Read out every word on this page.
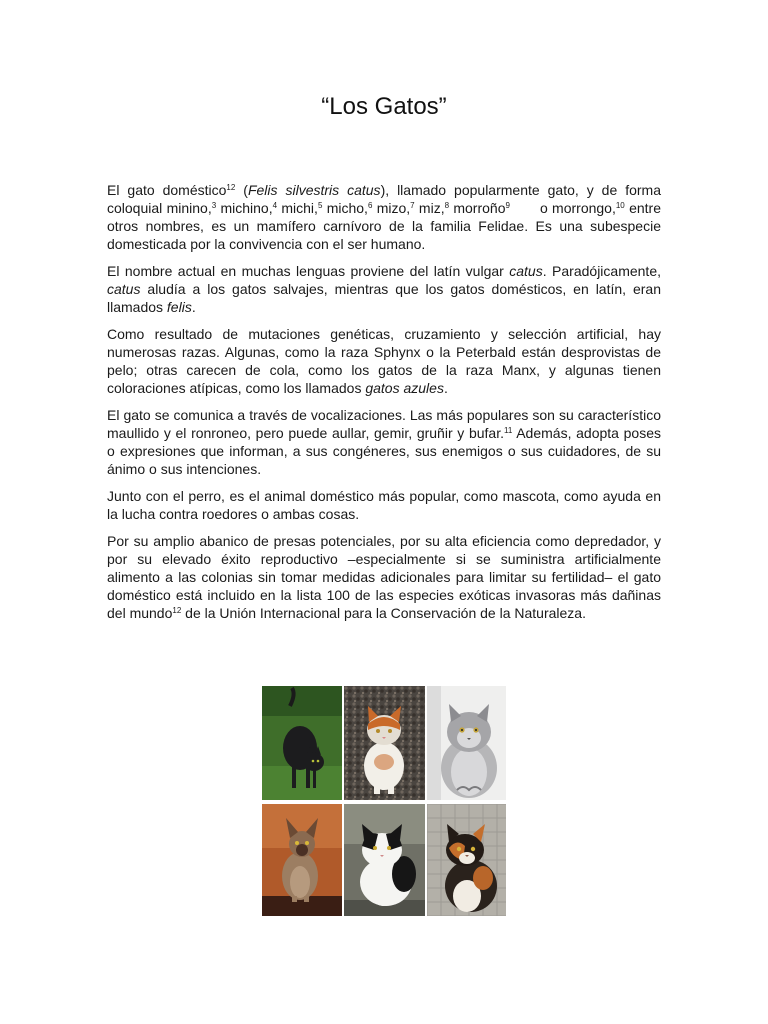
“Los Gatos”

El gato doméstico$^{12}$ (Felis silvestris catus), llamado popularmente gato, y de forma coloquial minino,$^3$ michino,$^4$ michi,$^5$ micho,$^6$ mizo,$^7$ miz,$^8$ morroño$^9$ o morrongo,$^{10}$ entre otros nombres, es un mamífero carnívoro de la familia Felidae. Es una subespecie domesticada por la convivencia con el ser humano.

El nombre actual en muchas lenguas proviene del latín vulgar catus. Paradójicamente, catus aludía a los gatos salvajes, mientras que los gatos domésticos, en latín, eran llamados felis.

Como resultado de mutaciones genéticas, cruzamiento y selección artificial, hay numerosas razas. Algunas, como la raza Sphynx o la Peterbald están desprovistas de pelo; otras carecen de cola, como los gatos de la raza Manx, y algunas tienen coloraciones atípicas, como los llamados gatos azules.

El gato se comunica a través de vocalizaciones. Las más populares son su característico maullido y el ronroneo, pero puede aullar, gemir, gruñir y bufar.$^{11}$ Además, adopta poses o expresiones que informan, a sus congéneres, sus enemigos o sus cuidadores, de su ánimo o sus intenciones.

Junto con el perro, es el animal doméstico más popular, como mascota, como ayuda en la lucha contra roedores o ambas cosas.

Por su amplio abanico de presas potenciales, por su alta eficiencia como depredador, y por su elevado éxito reproductivo –especialmente si se suministra artificialmente alimento a las colonias sin tomar medidas adicionales para limitar su fertilidad– el gato doméstico está incluido en la lista 100 de las especies exóticas invasoras más dañinas del mundo$^{12}$ de la Unión Internacional para la Conservación de la Naturaleza.
